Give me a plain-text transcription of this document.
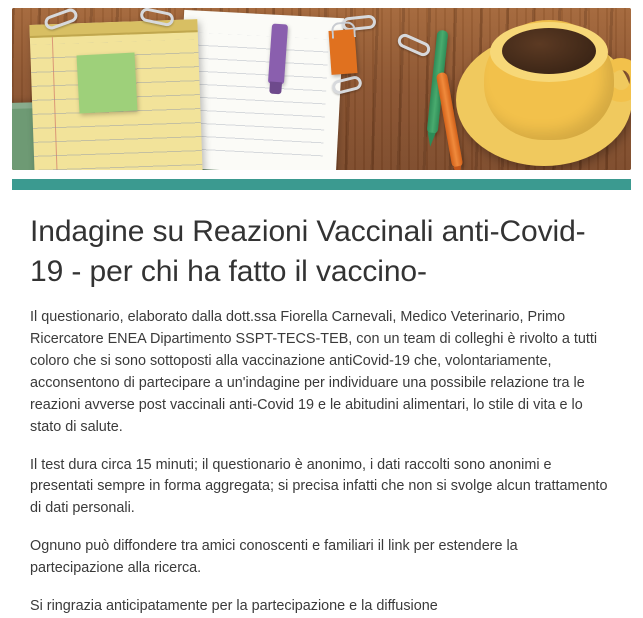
Indagine su Reazioni Vaccinali anti-Covid-19 - per chi ha fatto il vaccino-

Il questionario, elaborato dalla dott.ssa Fiorella Carnevali, Medico Veterinario, Primo Ricercatore ENEA Dipartimento SSPT-TECS-TEB, con un team di colleghi è rivolto a tutti coloro che si sono sottoposti alla vaccinazione antiCovid-19 che, volontariamente, acconsentono di partecipare a un'indagine per individuare una possibile relazione tra le reazioni avverse post vaccinali anti-Covid 19 e le abitudini alimentari, lo stile di vita e lo stato di salute.

Il test dura circa 15 minuti; il questionario è anonimo, i dati raccolti sono anonimi e presentati sempre in forma aggregata; si precisa infatti che non si svolge alcun trattamento di dati personali.

Ognuno può diffondere tra amici conoscenti e familiari il link per estendere la partecipazione alla ricerca.

Si ringrazia anticipatamente per la partecipazione e la diffusione
